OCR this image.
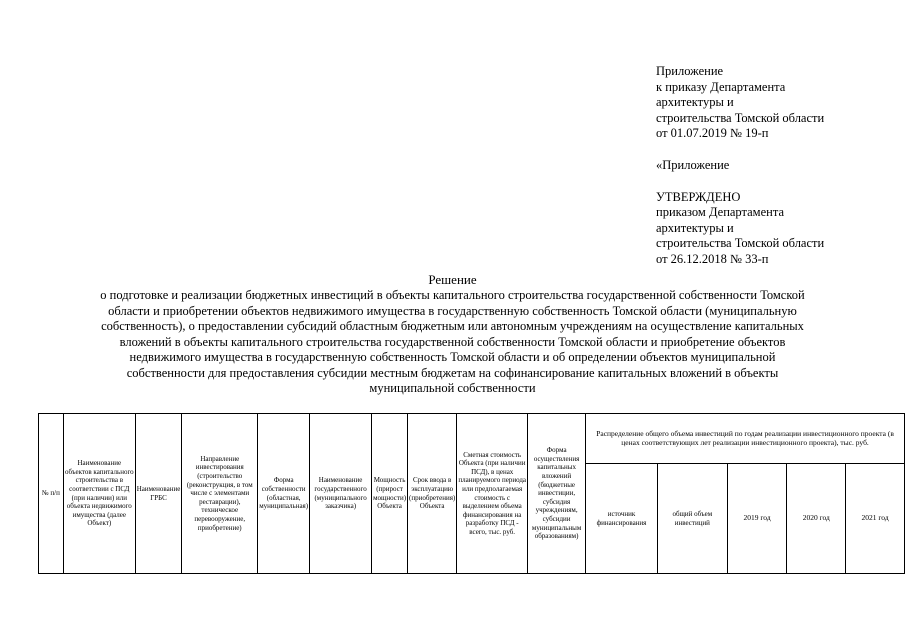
Приложение
к приказу Департамента
архитектуры и
строительства Томской области
от 01.07.2019 № 19-п
«Приложение
УТВЕРЖДЕНО
приказом Департамента
архитектуры и
строительства Томской области
от 26.12.2018 № 33-п
Решение
о подготовке и реализации бюджетных инвестиций в объекты капитального строительства государственной собственности Томской
области и приобретении объектов недвижимого имущества в государственную собственность Томской области (муниципальную
собственность), о предоставлении субсидий областным бюджетным или автономным учреждениям на осуществление капитальных
вложений в объекты капитального строительства государственной собственности Томской области и приобретение объектов
недвижимого имущества в государственную собственность Томской области и об определении объектов муниципальной
собственности для предоставления субсидии местным бюджетам на софинансирование капитальных вложений в объекты
муниципальной собственности
№ п/п	Наименование объектов капитального строительства в соответствии с ПСД (при наличии) или объекта недвижимого имущества (далее Объект)	Наименование ГРБС	Направление инвестирования (строительство (реконструкция, в том числе с элементами реставрации), техническое перевооружение, приобретение)	Форма собственности (областная, муниципальная)	Наименование государственного (муниципального заказчика)	Мощность (прирост мощности) Объекта	Срок ввода в эксплуатацию (приобретения) Объекта	Сметная стоимость Объекта (при наличии ПСД), в ценах планируемого периода или предполагаемая стоимость с выделением объема финансирования на разработку ПСД - всего, тыс. руб.	Форма осуществления капитальных вложений (бюджетные инвестиции, субсидия учреждениям, субсидии муниципальным образованиям)	Распределение общего объема инвестиций по годам реализации инвестиционного проекта (в ценах соответствующих лет реализации инвестиционного проекта), тыс. руб.				
										источник финансирования	общий объем инвестиций	2019 год	2020 год	2021 год
